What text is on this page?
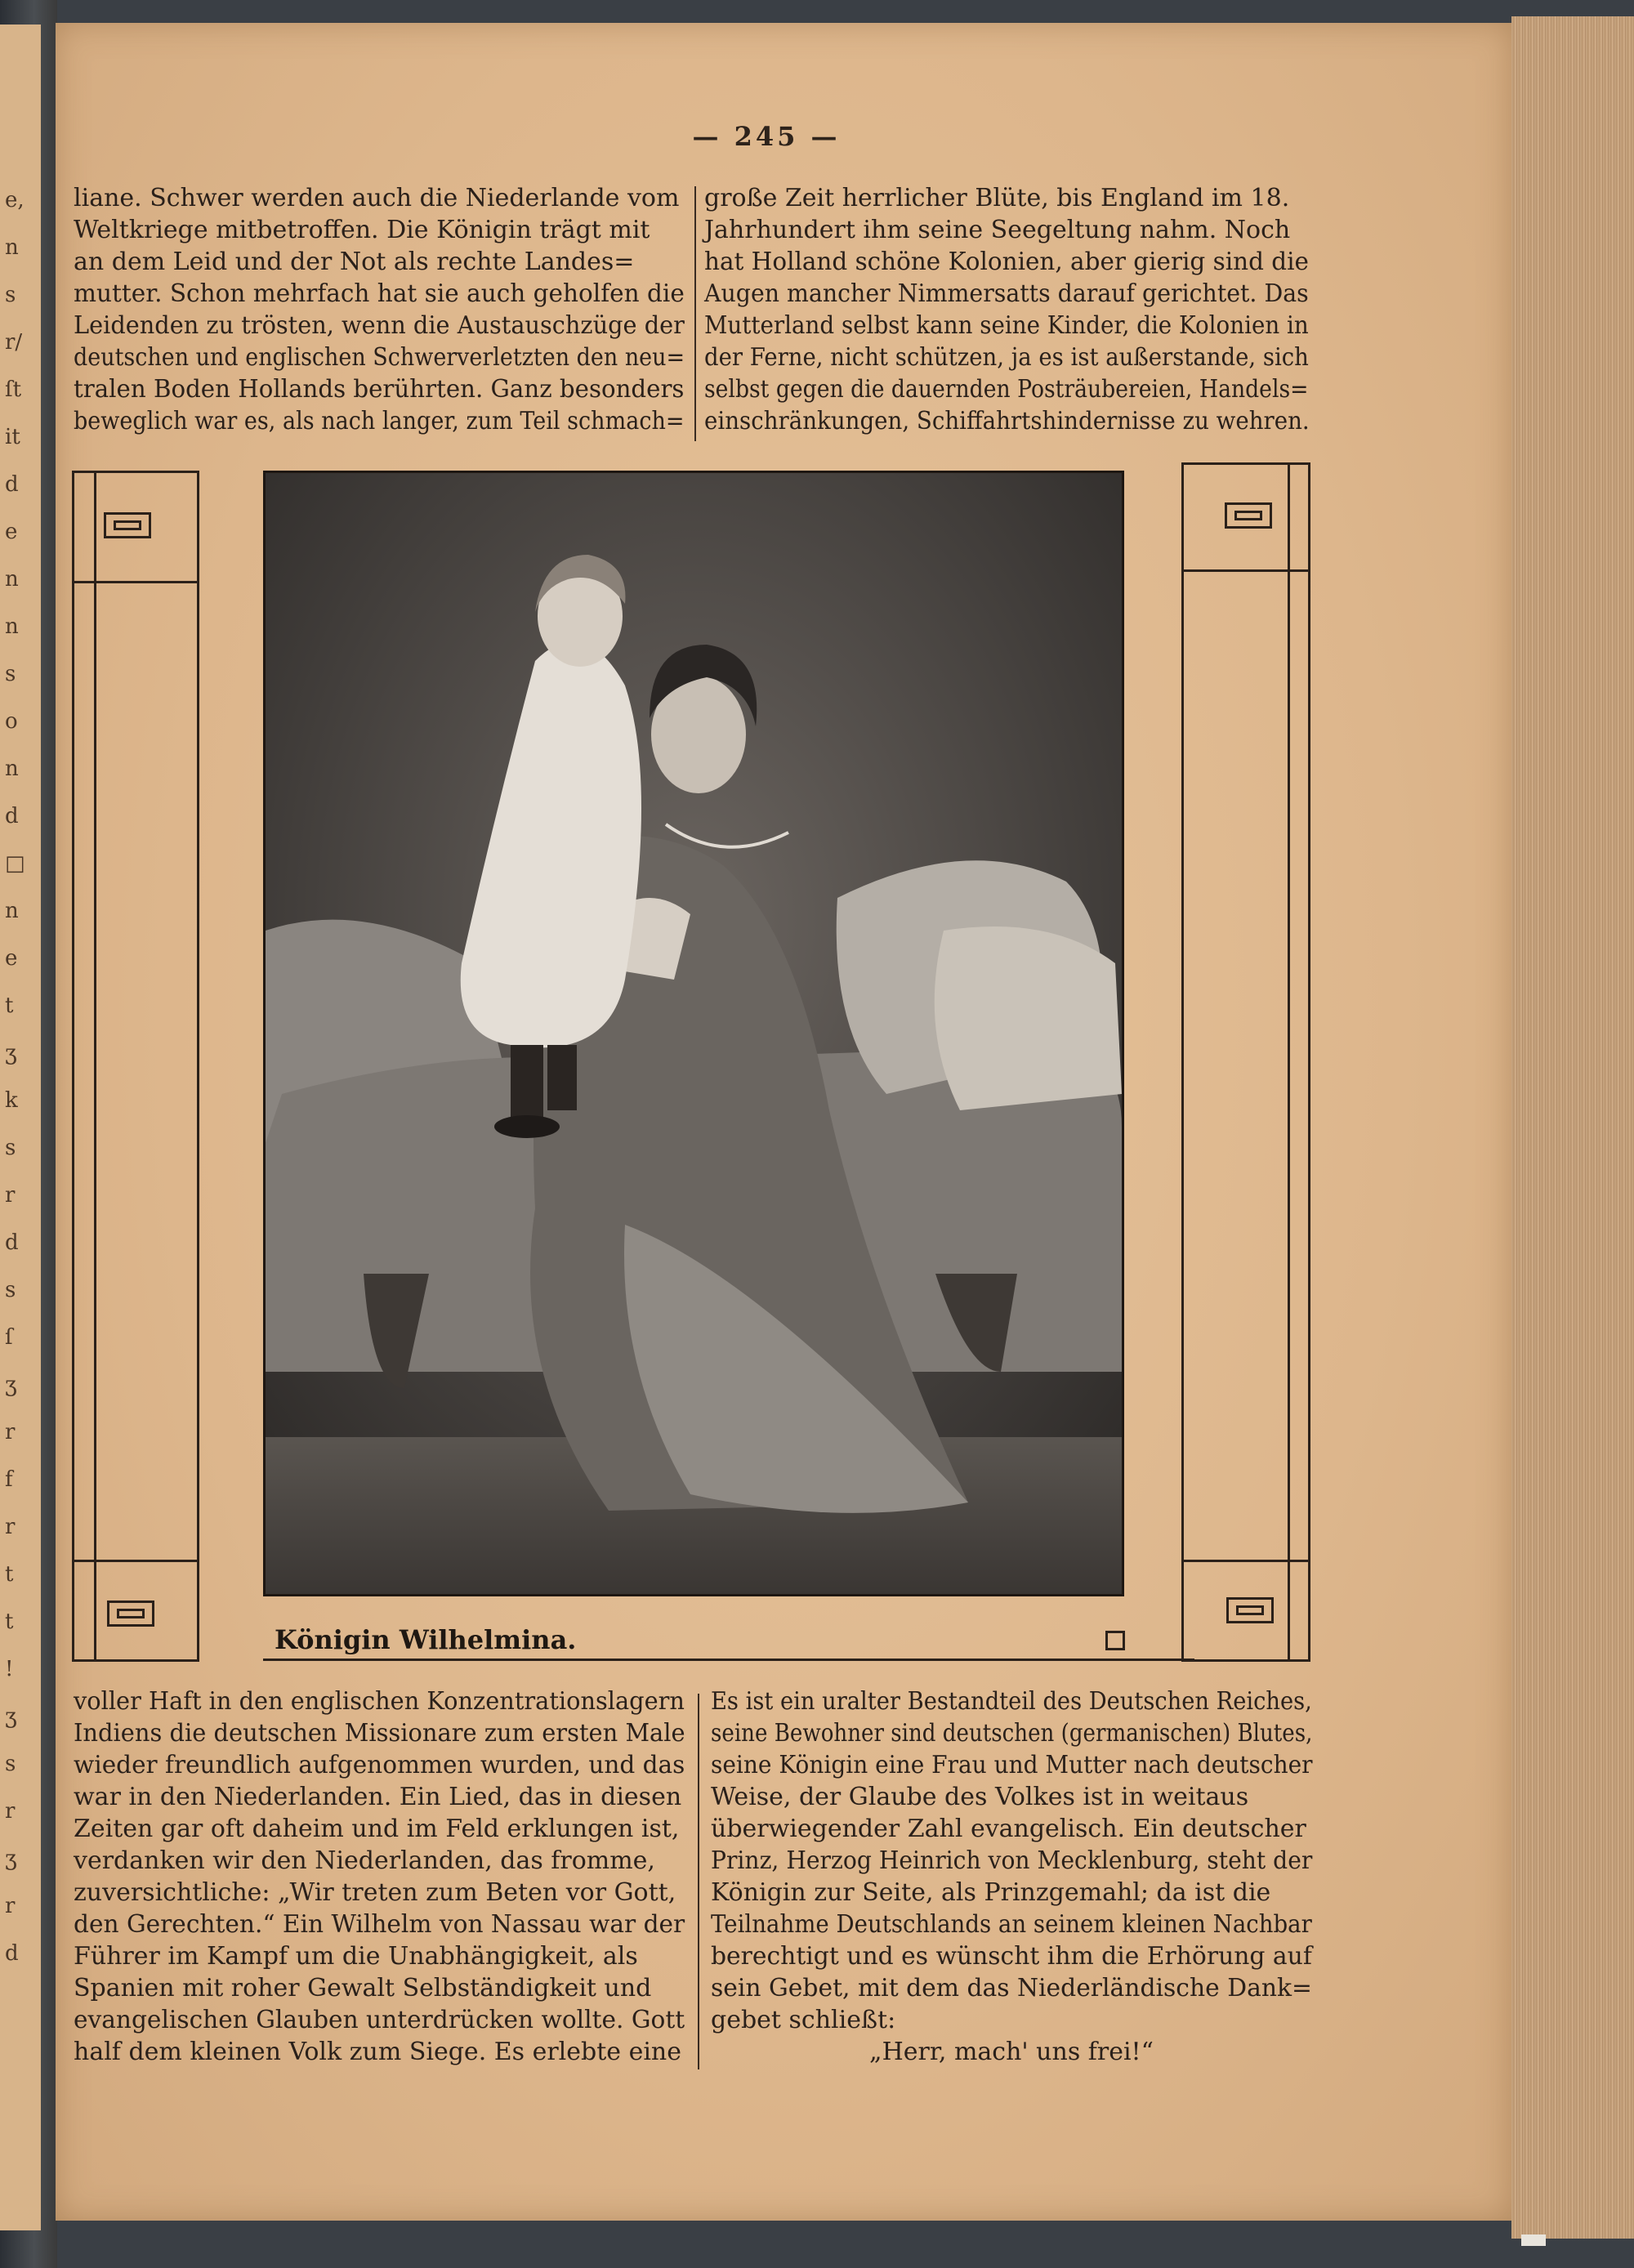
e,
n
s
r/
ſt
it
d
e
n
n
s
o
n
d
□
n
e
t
ʒ
k
s
r
d
s
ſ
ʒ
r
f
r
t
t
!
ʒ
s
r
ʒ
r
d
— 245 —
liane. Schwer werden auch die Niederlande vom
Weltkriege mitbetroffen. Die Königin trägt mit
an dem Leid und der Not als rechte Landes=
mutter. Schon mehrfach hat sie auch geholfen die
Leidenden zu trösten, wenn die Austauschzüge der
deutschen und englischen Schwerverletzten den neu=
tralen Boden Hollands berührten. Ganz besonders
beweglich war es, als nach langer, zum Teil schmach=
große Zeit herrlicher Blüte, bis England im 18.
Jahrhundert ihm seine Seegeltung nahm. Noch
hat Holland schöne Kolonien, aber gierig sind die
Augen mancher Nimmersatts darauf gerichtet. Das
Mutterland selbst kann seine Kinder, die Kolonien in
der Ferne, nicht schützen, ja es ist außerstande, sich
selbst gegen die dauernden Posträubereien, Handels=
einschränkungen, Schiffahrtshindernisse zu wehren.
Königin Wilhelmina.
voller Haft in den englischen Konzentrationslagern
Indiens die deutschen Missionare zum ersten Male
wieder freundlich aufgenommen wurden, und das
war in den Niederlanden. Ein Lied, das in diesen
Zeiten gar oft daheim und im Feld erklungen ist,
verdanken wir den Niederlanden, das fromme,
zuversichtliche: „Wir treten zum Beten vor Gott,
den Gerechten.“ Ein Wilhelm von Nassau war der
Führer im Kampf um die Unabhängigkeit, als
Spanien mit roher Gewalt Selbständigkeit und
evangelischen Glauben unterdrücken wollte. Gott
half dem kleinen Volk zum Siege. Es erlebte eine
Es ist ein uralter Bestandteil des Deutschen Reiches,
seine Bewohner sind deutschen (germanischen) Blutes,
seine Königin eine Frau und Mutter nach deutscher
Weise, der Glaube des Volkes ist in weitaus
überwiegender Zahl evangelisch. Ein deutscher
Prinz, Herzog Heinrich von Mecklenburg, steht der
Königin zur Seite, als Prinzgemahl; da ist die
Teilnahme Deutschlands an seinem kleinen Nachbar
berechtigt und es wünscht ihm die Erhörung auf
sein Gebet, mit dem das Niederländische Dank=
gebet schließt:
„Herr, mach' uns frei!“
